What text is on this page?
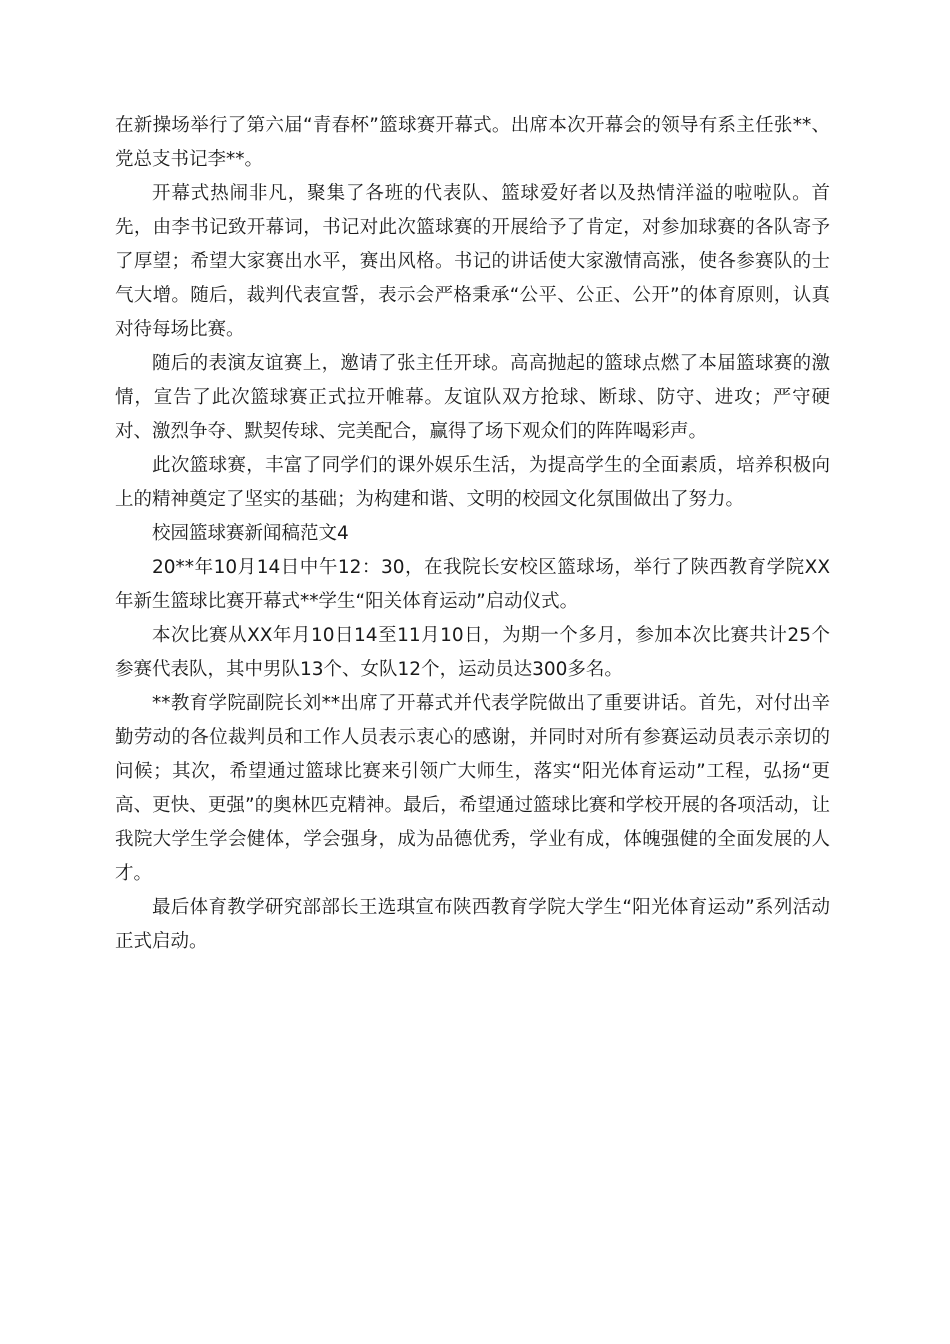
在新操场举行了第六届“青春杯”篮球赛开幕式。出席本次开幕会的领导有系主任张**、党总支书记李**。

开幕式热闹非凡，聚集了各班的代表队、篮球爱好者以及热情洋溢的啦啦队。首先，由李书记致开幕词，书记对此次篮球赛的开展给予了肯定，对参加球赛的各队寄予了厚望；希望大家赛出水平，赛出风格。书记的讲话使大家激情高涨，使各参赛队的士气大增。随后，裁判代表宣誓，表示会严格秉承“公平、公正、公开”的体育原则，认真对待每场比赛。

随后的表演友谊赛上，邀请了张主任开球。高高抛起的篮球点燃了本届篮球赛的激情，宣告了此次篮球赛正式拉开帷幕。友谊队双方抢球、断球、防守、进攻；严守硬对、激烈争夺、默契传球、完美配合，赢得了场下观众们的阵阵喝彩声。

此次篮球赛，丰富了同学们的课外娱乐生活，为提高学生的全面素质，培养积极向上的精神奠定了坚实的基础；为构建和谐、文明的校园文化氛围做出了努力。

校园篮球赛新闻稿范文4

20**年10月14日中午12：30，在我院长安校区篮球场，举行了陕西教育学院XX年新生篮球比赛开幕式**学生“阳关体育运动”启动仪式。

本次比赛从XX年月10日14至11月10日，为期一个多月，参加本次比赛共计25个参赛代表队，其中男队13个、女队12个，运动员达300多名。

**教育学院副院长刘**出席了开幕式并代表学院做出了重要讲话。首先，对付出辛勤劳动的各位裁判员和工作人员表示衷心的感谢，并同时对所有参赛运动员表示亲切的问候；其次，希望通过篮球比赛来引领广大师生，落实“阳光体育运动”工程，弘扬“更高、更快、更强”的奥林匹克精神。最后，希望通过篮球比赛和学校开展的各项活动，让我院大学生学会健体，学会强身，成为品德优秀，学业有成，体魄强健的全面发展的人才。

最后体育教学研究部部长王选琪宣布陕西教育学院大学生“阳光体育运动”系列活动正式启动。
